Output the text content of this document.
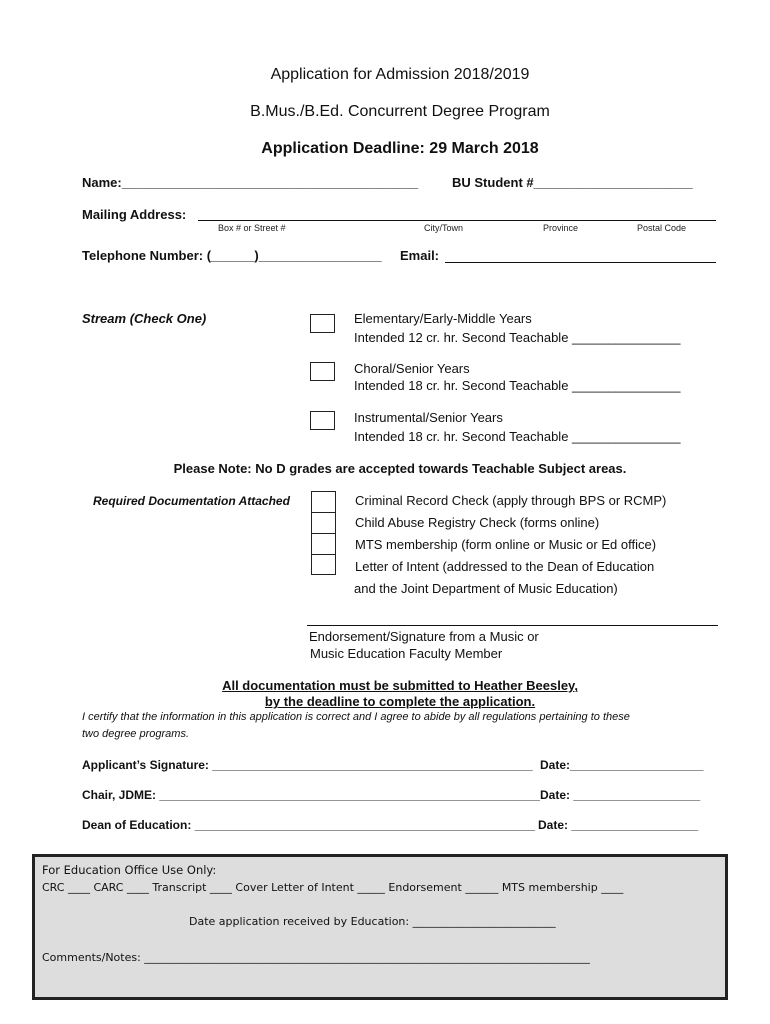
Application for Admission 2018/2019
B.Mus./B.Ed. Concurrent Degree Program
Application Deadline: 29 March 2018
Name:_________________________________________	BU Student #______________________
Mailing Address:
Box # or Street #	City/Town	Province	Postal Code
Telephone Number: (______)_________________ Email:
Stream (Check One)	Elementary/Early-Middle Years
Intended 12 cr. hr. Second Teachable _______________
Choral/Senior Years
Intended 18 cr. hr. Second Teachable _______________
Instrumental/Senior Years
Intended 18 cr. hr. Second Teachable _______________
Please Note: No D grades are accepted towards Teachable Subject areas.
Required Documentation Attached	Criminal Record Check (apply through BPS or RCMP)
Child Abuse Registry Check (forms online)
MTS membership (form online or Music or Ed office)
Letter of Intent (addressed to the Dean of Education
and the Joint Department of Music Education)
Endorsement/Signature from a Music or
Music Education Faculty Member
All documentation must be submitted to Heather Beesley,
by the deadline to complete the application.
I certify that the information in this application is correct and I agree to abide by all regulations pertaining to these
two degree programs.
Applicant’s Signature: ________________________________________________ Date:____________________
Chair, JDME: _________________________________________________________ Date: ___________________
Dean of Education: ___________________________________________________ Date: ___________________
For Education Office Use Only:
CRC ____ CARC ____ Transcript ____ Cover Letter of Intent _____ Endorsement ______ MTS membership ____
Date application received by Education: __________________________
Comments/Notes: _________________________________________________________________________________
